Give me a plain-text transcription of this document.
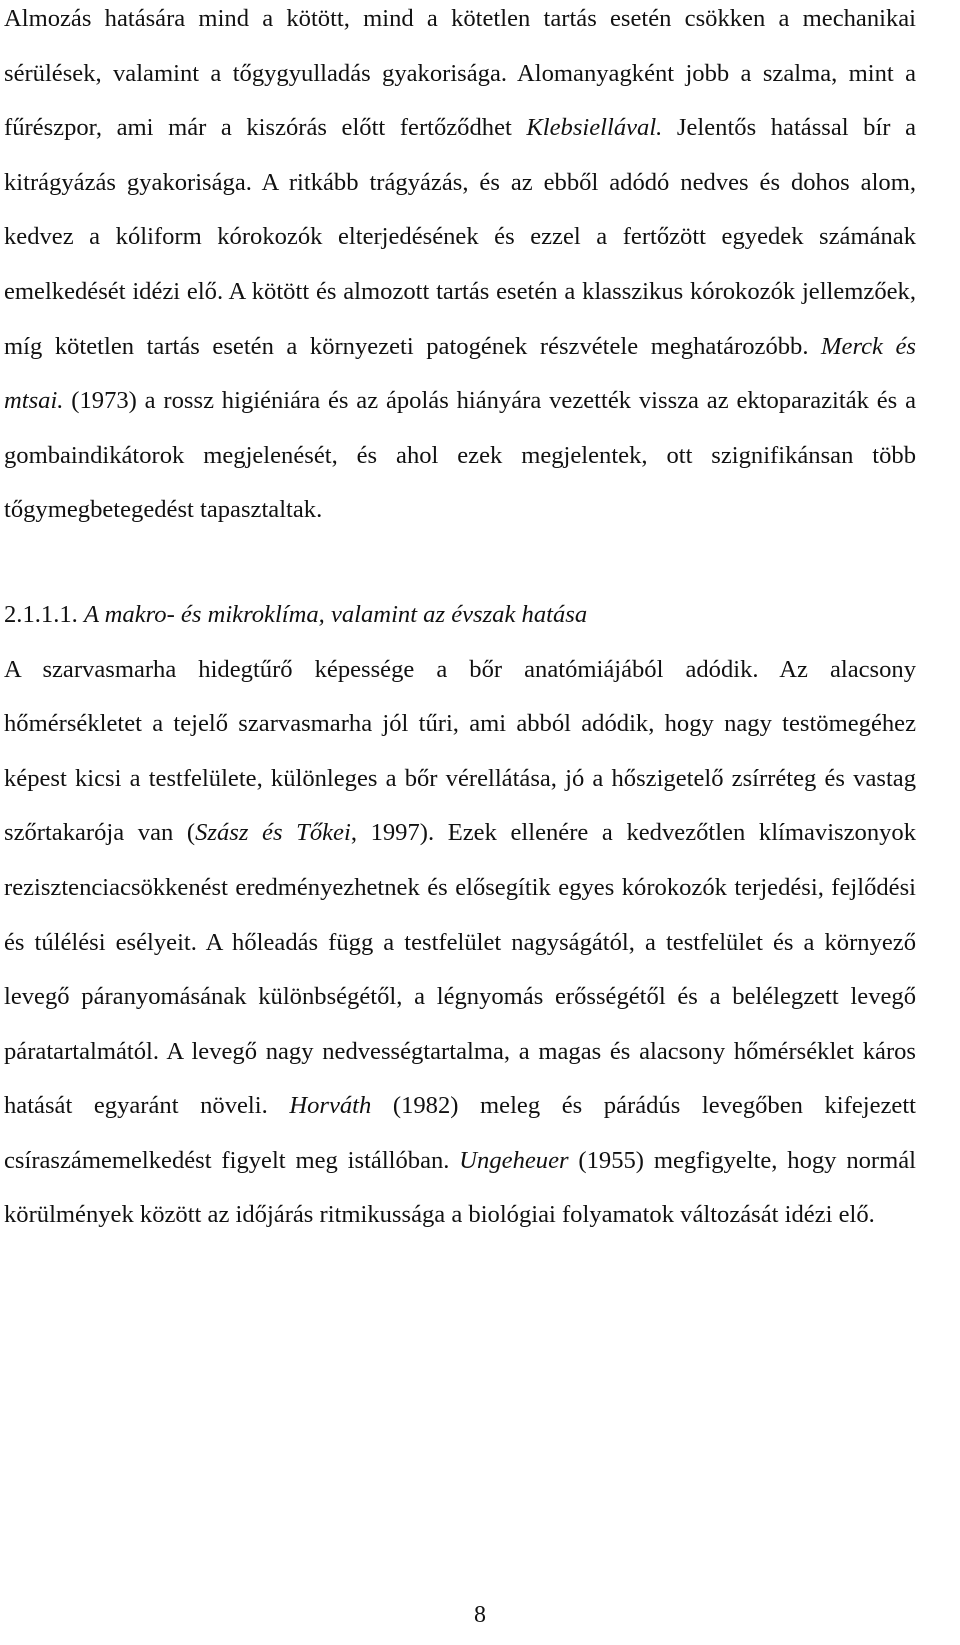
Almozás hatására mind a kötött, mind a kötetlen tartás esetén csökken a mechanikai sérülések, valamint a tőgygyulladás gyakorisága. Alomanyagként jobb a szalma, mint a fűrészpor, ami már a kiszórás előtt fertőződhet Klebsiellával. Jelentős hatással bír a kitrágyázás gyakorisága. A ritkább trágyázás, és az ebből adódó nedves és dohos alom, kedvez a kóliform kórokozók elterjedésének és ezzel a fertőzött egyedek számának emelkedését idézi elő. A kötött és almozott tartás esetén a klasszikus kórokozók jellemzőek, míg kötetlen tartás esetén a környezeti patogének részvétele meghatározóbb. Merck és mtsai. (1973) a rossz higiéniára és az ápolás hiányára vezették vissza az ektoparaziták és a gombaindikátorok megjelenését, és ahol ezek megjelentek, ott szignifikánsan több tőgymegbetegedést tapasztaltak.

2.1.1.1. A makro- és mikroklíma, valamint az évszak hatása

A szarvasmarha hidegtűrő képessége a bőr anatómiájából adódik. Az alacsony hőmérsékletet a tejelő szarvasmarha jól tűri, ami abból adódik, hogy nagy testömegéhez képest kicsi a testfelülete, különleges a bőr vérellátása, jó a hőszigetelő zsírréteg és vastag szőrtakarója van (Szász és Tőkei, 1997). Ezek ellenére a kedvezőtlen klímaviszonyok rezisztenciacsökkenést eredményezhetnek és elősegítik egyes kórokozók terjedési, fejlődési és túlélési esélyeit. A hőleadás függ a testfelület nagyságától, a testfelület és a környező levegő páranyomásának különbségétől, a légnyomás erősségétől és a belélegzett levegő páratartalmától. A levegő nagy nedvességtartalma, a magas és alacsony hőmérséklet káros hatását egyaránt növeli. Horváth (1982) meleg és párádús levegőben kifejezett csíraszámemelkedést figyelt meg istállóban. Ungeheuer (1955) megfigyelte, hogy normál körülmények között az időjárás ritmikussága a biológiai folyamatok változását idézi elő.

8
